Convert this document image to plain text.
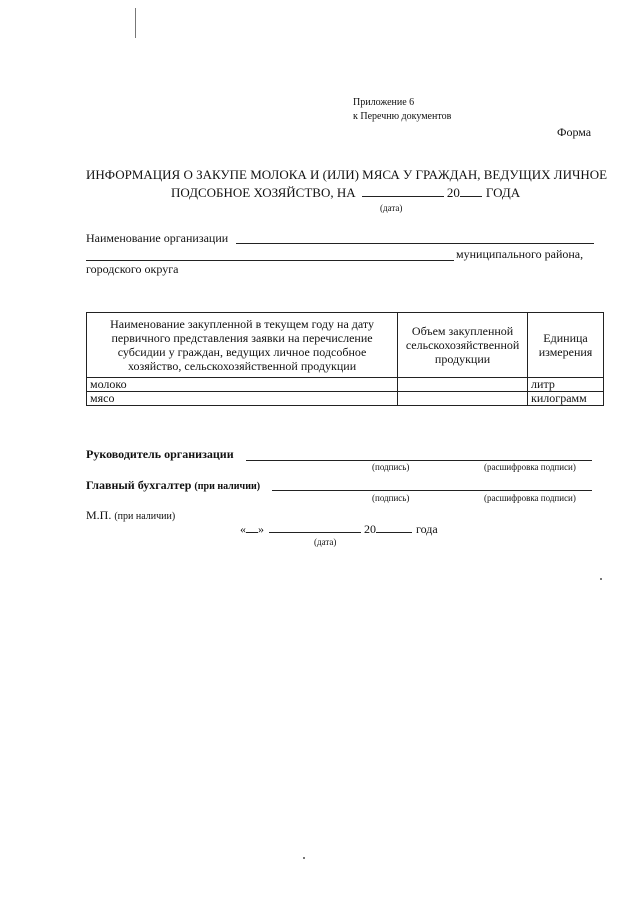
Приложение 6
к Перечню документов
Форма
ИНФОРМАЦИЯ О ЗАКУПЕ МОЛОКА И (ИЛИ) МЯСА У ГРАЖДАН, ВЕДУЩИХ ЛИЧНОЕ
ПОДСОБНОЕ ХОЗЯЙСТВО, НА	20 ГОДА
(дата)
Наименование организации
муниципального района,
городского округа
Наименование закупленной в текущем году на дату первичного представления заявки на перечисление субсидии у граждан, ведущих личное подсобное хозяйство, сельскохозяйственной продукции	Объем закупленной сельскохозяйственной продукции	Единица измерения
молоко		литр
мясо		килограмм
Руководитель организации
(подпись)	(расшифровка подписи)
Главный бухгалтер (при наличии)
(подпись)	(расшифровка подписи)
М.П. (при наличии)
« »	20	года
(дата)
